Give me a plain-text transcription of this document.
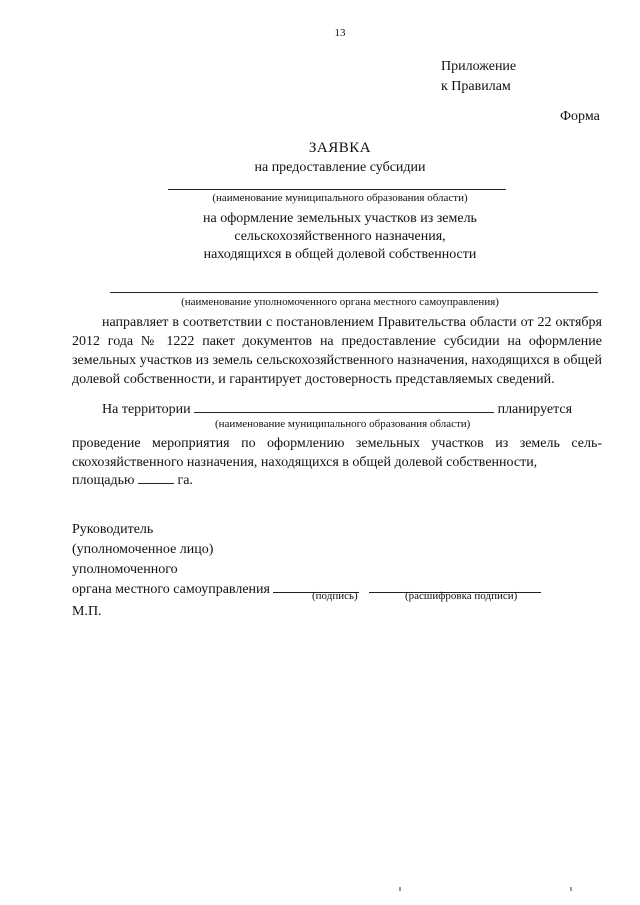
13
Приложение
к Правилам
Форма
ЗАЯВКА
на предоставление субсидии
(наименование муниципального образования области)
на оформление земельных участков из земель
сельскохозяйственного назначения,
находящихся в общей долевой собственности
(наименование уполномоченного органа местного самоуправления)
направляет в соответствии с постановлением Правительства области от 22 октября 2012 года № 1222 пакет документов на предоставление субсидии на оформление земельных участков из земель сельскохозяйственного назначения, находящихся в общей долевой собственности, и гарантирует достоверность представляемых сведений.
На территории	планируется
(наименование муниципального образования области)
проведение мероприятия по оформлению земельных участков из земель сель-скохозяйственного назначения, находящихся в общей долевой собственности,
площадью	га.
Руководитель
(уполномоченное лицо)
уполномоченного
органа местного самоуправления	(подпись)	(расшифровка подписи)
М.П.
